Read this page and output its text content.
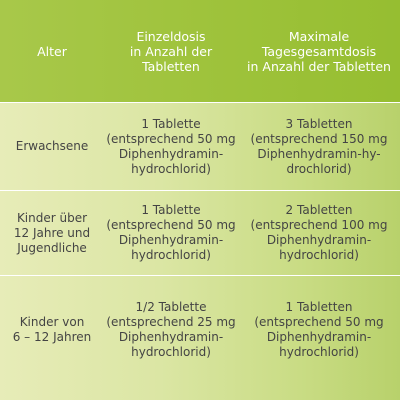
Alter
Einzeldosis
in Anzahl der
Tabletten
Maximale
Tagesgesamtdosis
in Anzahl der Tabletten
Erwachsene
1 Tablette
(entsprechend 50 mg
Diphenhydramin-
hydrochlorid)
3 Tabletten
(entsprechend 150 mg
Diphenhydramin-hy-
drochlorid)
Kinder über
12 Jahre und
Jugendliche
1 Tablette
(entsprechend 50 mg
Diphenhydramin-
hydrochlorid)
2 Tabletten
(entsprechend 100 mg
Diphenhydramin-
hydrochlorid)
Kinder von
6 – 12 Jahren
1/2 Tablette
(entsprechend 25 mg
Diphenhydramin-
hydrochlorid)
1 Tabletten
(entsprechend 50 mg
Diphenhydramin-
hydrochlorid)
